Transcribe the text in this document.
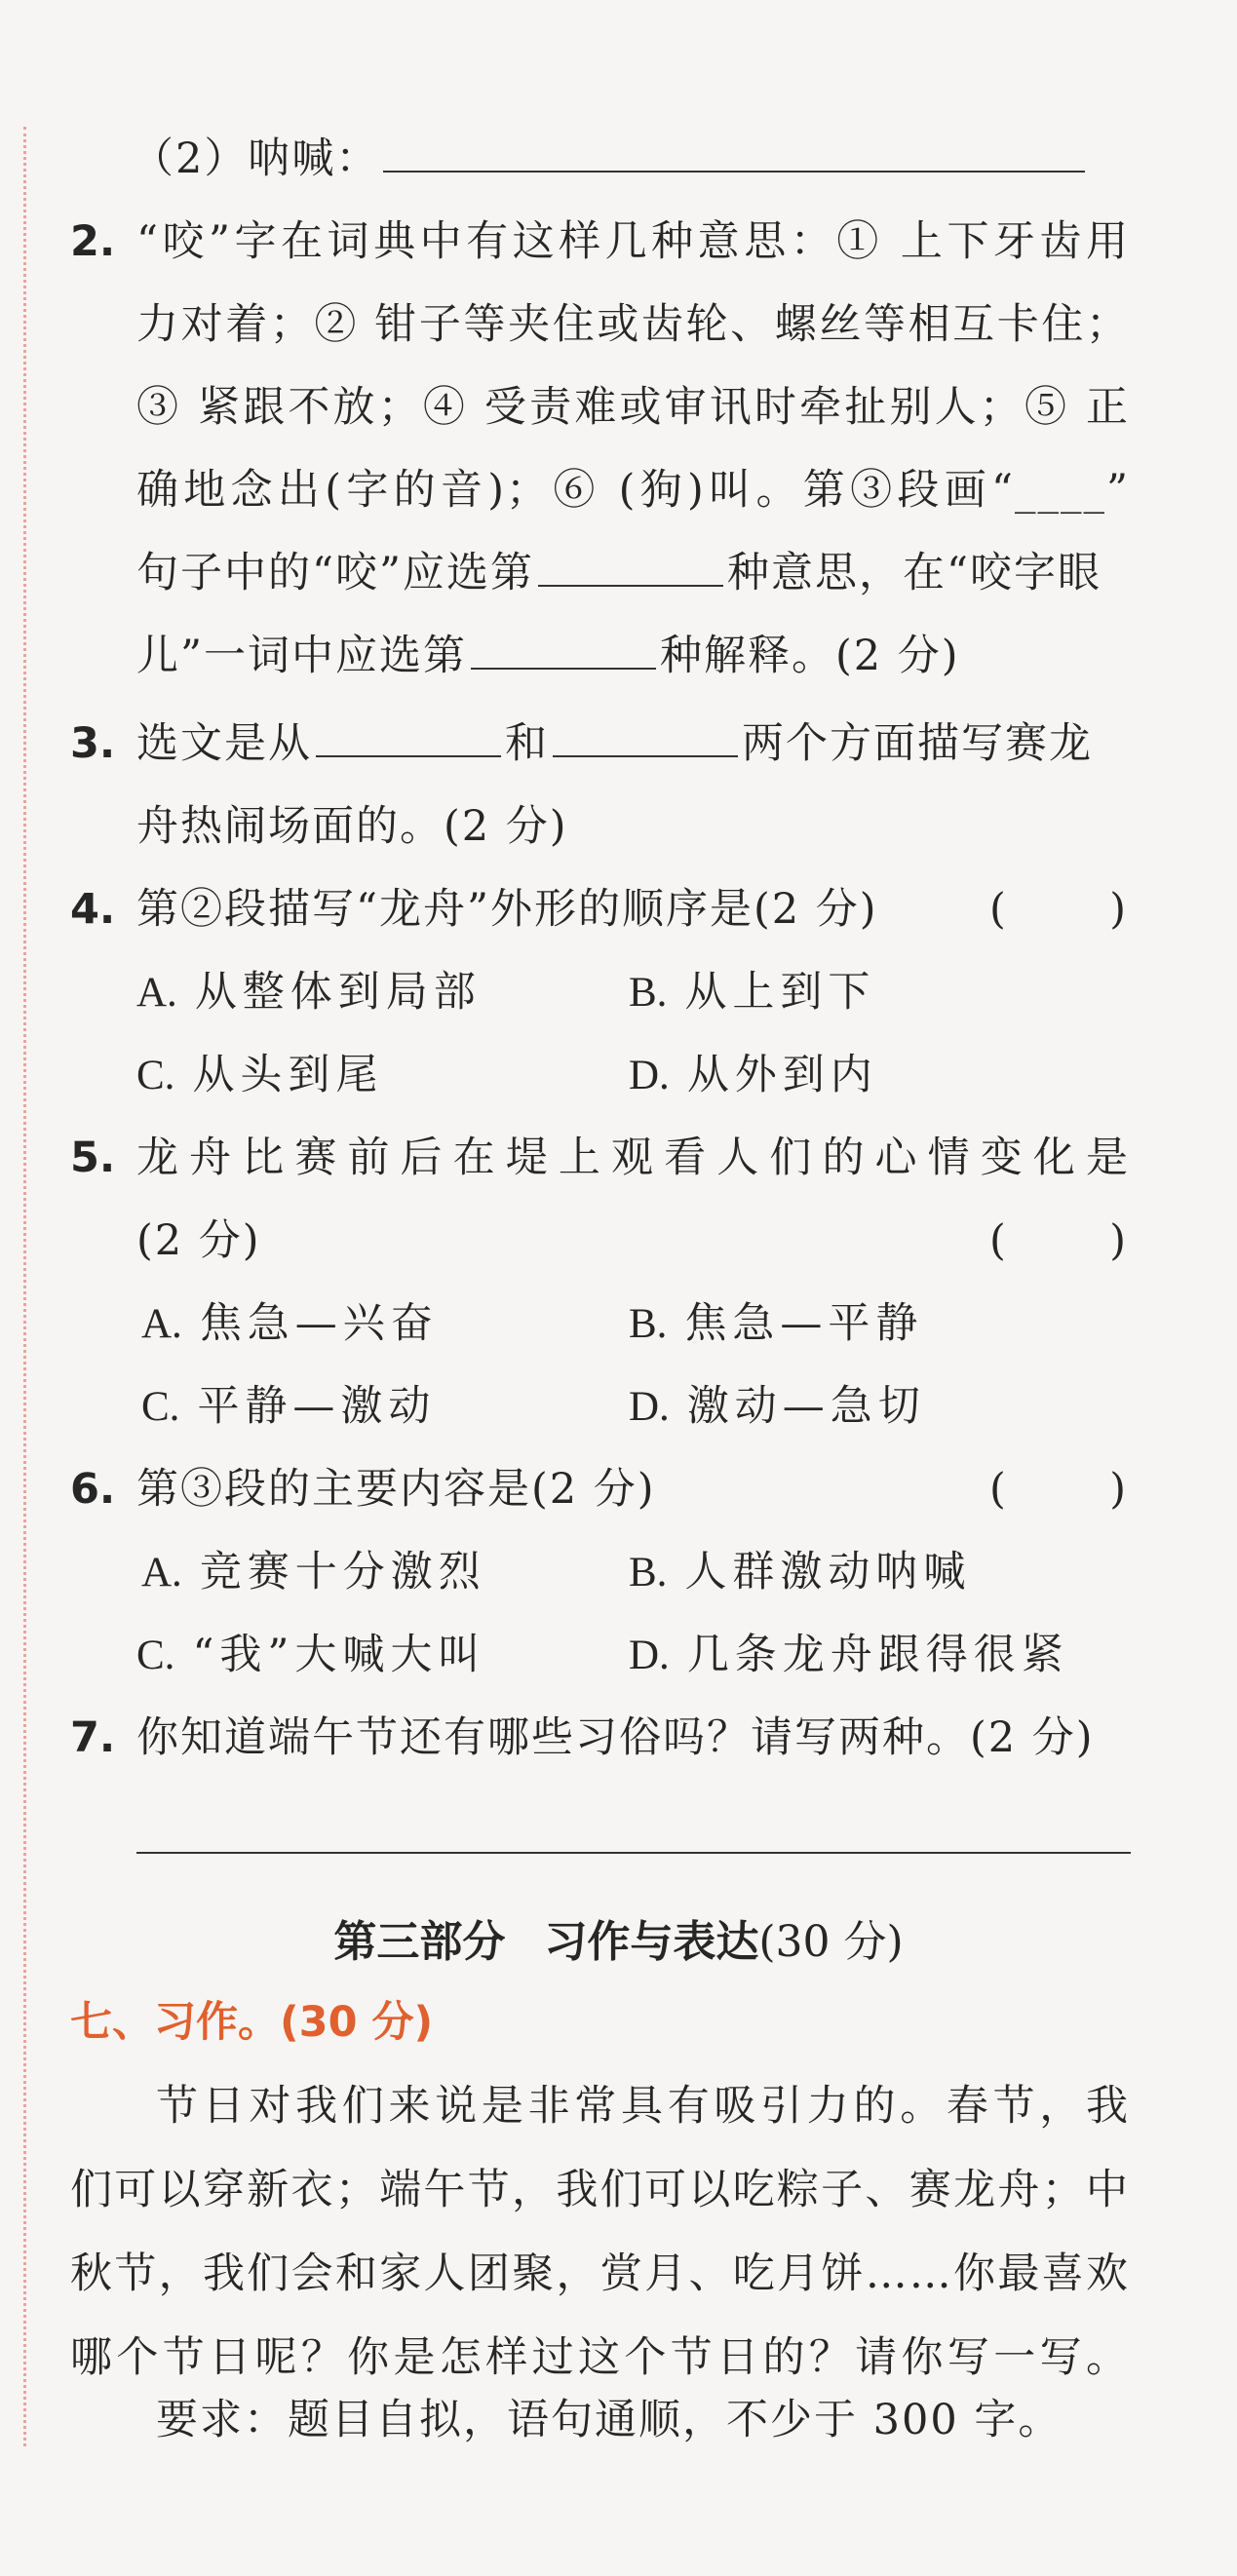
（2）呐喊：
2. “咬”字在词典中有这样几种意思：① 上下牙齿用
力对着；② 钳子等夹住或齿轮、螺丝等相互卡住；
③ 紧跟不放；④ 受责难或审讯时牵扯别人；⑤ 正
确地念出(字的音)；⑥ (狗)叫。第③段画“____”
句子中的“咬”应选第	种意思，在“咬字眼
儿”一词中应选第	种解释。(2 分)
3. 选文是从	和	两个方面描写赛龙
舟热闹场面的。(2 分)
4. 第②段描写“龙舟”外形的顺序是(2 分)	( )
A. 从整体到局部	B. 从上到下
C. 从头到尾	D. 从外到内
5. 龙舟比赛前后在堤上观看人们的心情变化是
(2 分)	( )
A. 焦急—兴奋	B. 焦急—平静
C. 平静—激动	D. 激动—急切
6. 第③段的主要内容是(2 分)	( )
A. 竞赛十分激烈	B. 人群激动呐喊
C. “我”大喊大叫	D. 几条龙舟跟得很紧
7. 你知道端午节还有哪些习俗吗？请写两种。(2 分)
第三部分 习作与表达(30 分)
七、习作。(30 分)
节日对我们来说是非常具有吸引力的。春节，我
们可以穿新衣；端午节，我们可以吃粽子、赛龙舟；中
秋节，我们会和家人团聚，赏月、吃月饼……你最喜欢
哪个节日呢？你是怎样过这个节日的？请你写一写。
要求：题目自拟，语句通顺，不少于 300 字。
